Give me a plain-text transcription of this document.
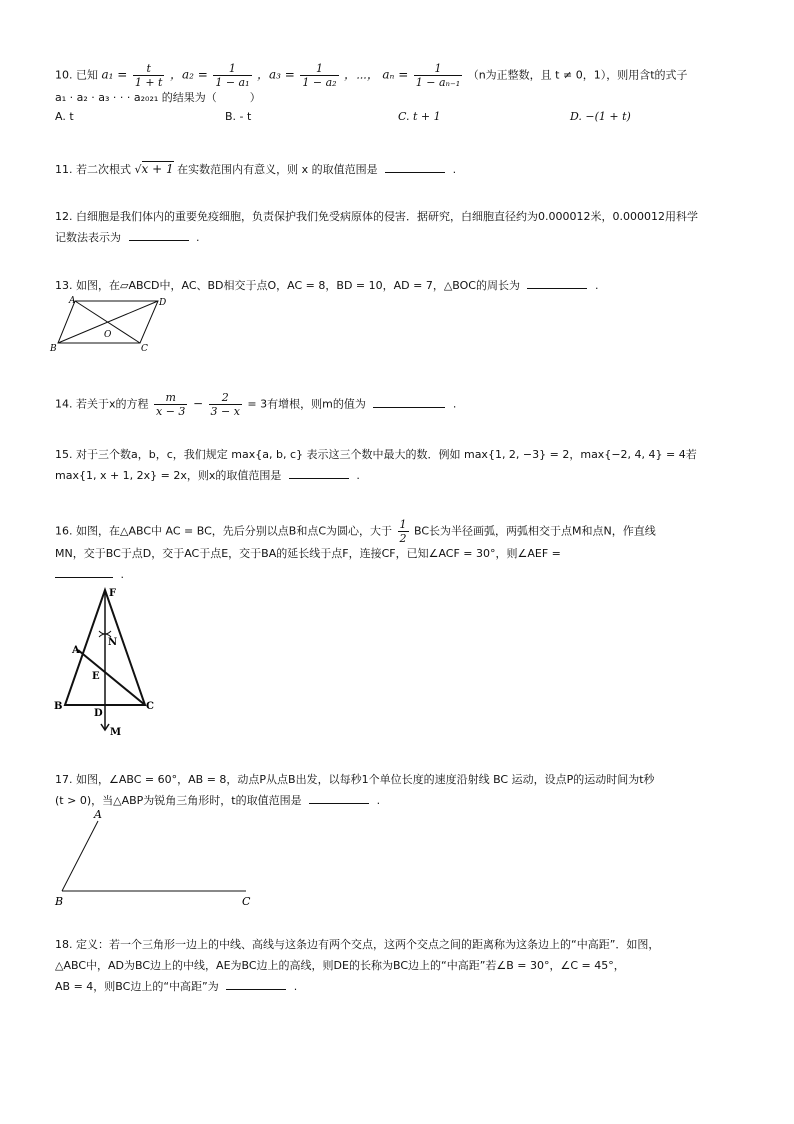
10. 已知 $a_1 = \frac{t}{1 + t}$ ，$a_2 = \frac{1}{\text{1 − a₁}}$ ，$a_3 = \frac{1}{\text{1 − a₂}}$ ，⋯， $a_n = \frac{1}{\text{1 − aₙ₋₁}} (n$为正整数，且 t ≠ 0，1），则用含t的式子
a₁ · a₂ · a₃ · · · a₂₀₂₁ 的结果为（　　　）
A. t	B. - t	C. t + 1	D. −(1 + t)
11. 若二次根式 √x + 1 在实数范围内有意义，则 x 的取值范围是	.
12. 白细胞是我们体内的重要免疫细胞，负责保护我们免受病原体的侵害．据研究，白细胞直径约为0.000012米，0.000012用科学
记数法表示为	.
13. 如图，在▱ABCD中，AC、BD相交于点O，AC = 8，BD = 10，AD = 7，△BOC的周长为	.
A	D
B	C
O
14. 若关于x的方程 $\frac{m}{x - 3} - \frac{2}{3 - x} = 3$有增根，则m的值为	.
15. 对于三个数a，b，c，我们规定 max{a, b, c} 表示这三个数中最大的数．例如 max{1, 2, −3} = 2，max{−2, 4, 4} = 4若
max{1, x + 1, 2x} = 2x，则x的取值范围是	.
16. 如图，在△ABC中 AC = BC，先后分别以点B和点C为圆心，大于 $\frac{1}{2}$ BC长为半径画弧，两弧相交于点M和点N，作直线
MN，交于BC于点D，交于AC于点E，交于BA的延长线于点F，连接CF，已知∠ACF = 30°，则∠AEF =
.
F
N
A
E
B
D
C
M
17. 如图，∠ABC = 60°，AB = 8，动点P从点B出发，以每秒1个单位长度的速度沿射线 BC 运动，设点P的运动时间为t秒
(t > 0)，当△ABP为锐角三角形时，t的取值范围是	.
A
B	C
18. 定义：若一个三角形一边上的中线、高线与这条边有两个交点，这两个交点之间的距离称为这条边上的“中高距”．如图，
△ABC中，AD为BC边上的中线，AE为BC边上的高线，则DE的长称为BC边上的“中高距”若∠B = 30°，∠C = 45°，
AB = 4，则BC边上的“中高距”为	.
